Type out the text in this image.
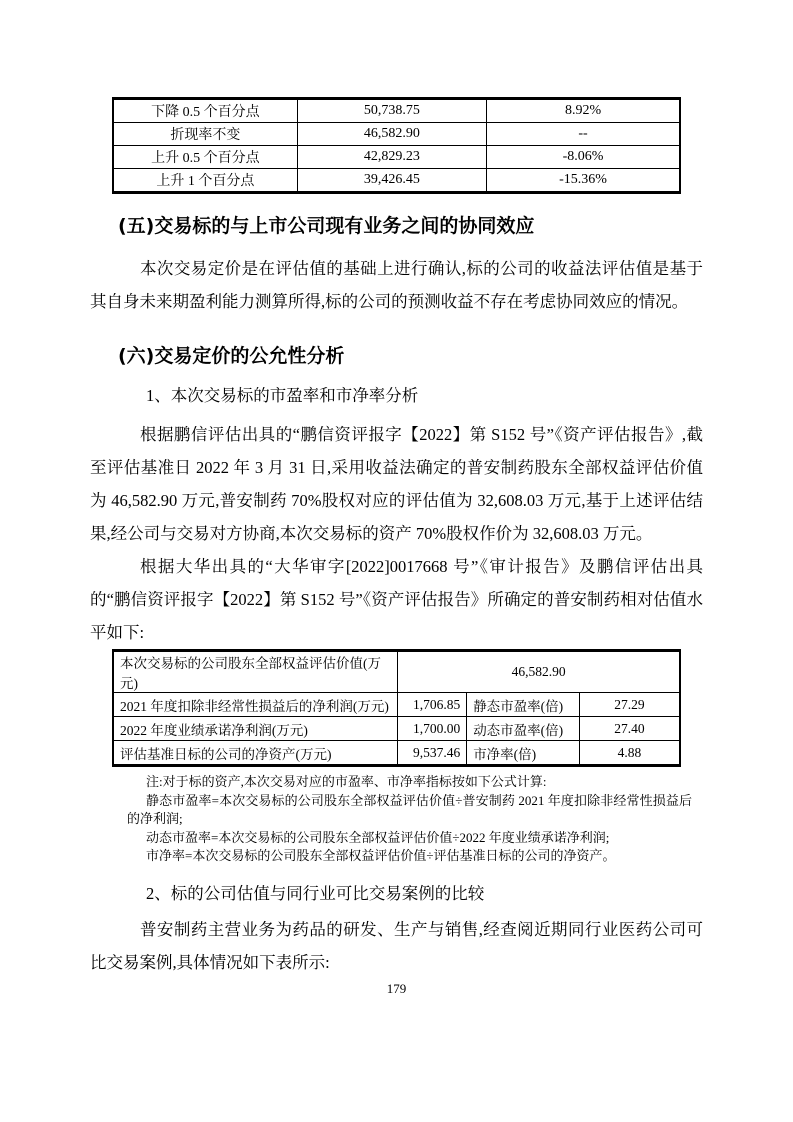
下降 0.5 个百分点	50,738.75	8.92%
折现率不变	46,582.90	--
上升 0.5 个百分点	42,829.23	-8.06%
上升 1 个百分点	39,426.45	-15.36%
(五)交易标的与上市公司现有业务之间的协同效应

本次交易定价是在评估值的基础上进行确认,标的公司的收益法评估值是基于其自身未来期盈利能力测算所得,标的公司的预测收益不存在考虑协同效应的情况。

(六)交易定价的公允性分析
1、本次交易标的市盈率和市净率分析

根据鹏信评估出具的“鹏信资评报字【2022】第 S152 号”《资产评估报告》,截至评估基准日 2022 年 3 月 31 日,采用收益法确定的普安制药股东全部权益评估价值为 46,582.90 万元,普安制药 70%股权对应的评估值为 32,608.03 万元,基于上述评估结果,经公司与交易对方协商,本次交易标的资产 70%股权作价为 32,608.03 万元。

根据大华出具的“大华审字[2022]0017668 号”《审计报告》及鹏信评估出具的“鹏信资评报字【2022】第 S152 号”《资产评估报告》所确定的普安制药相对估值水平如下:

本次交易标的公司股东全部权益评估价值(万元)	46,582.90		
2021 年度扣除非经常性损益后的净利润(万元)	1,706.85	静态市盈率(倍)	27.29
2022 年度业绩承诺净利润(万元)	1,700.00	动态市盈率(倍)	27.40
评估基准日标的公司的净资产(万元)	9,537.46	市净率(倍)	4.88

注:对于标的资产,本次交易对应的市盈率、市净率指标按如下公式计算:

静态市盈率=本次交易标的公司股东全部权益评估价值÷普安制药 2021 年度扣除非经常性损益后的净利润;

动态市盈率=本次交易标的公司股东全部权益评估价值÷2022 年度业绩承诺净利润;

市净率=本次交易标的公司股东全部权益评估价值÷评估基准日标的公司的净资产。

2、标的公司估值与同行业可比交易案例的比较

普安制药主营业务为药品的研发、生产与销售,经查阅近期同行业医药公司可比交易案例,具体情况如下表所示:

179
